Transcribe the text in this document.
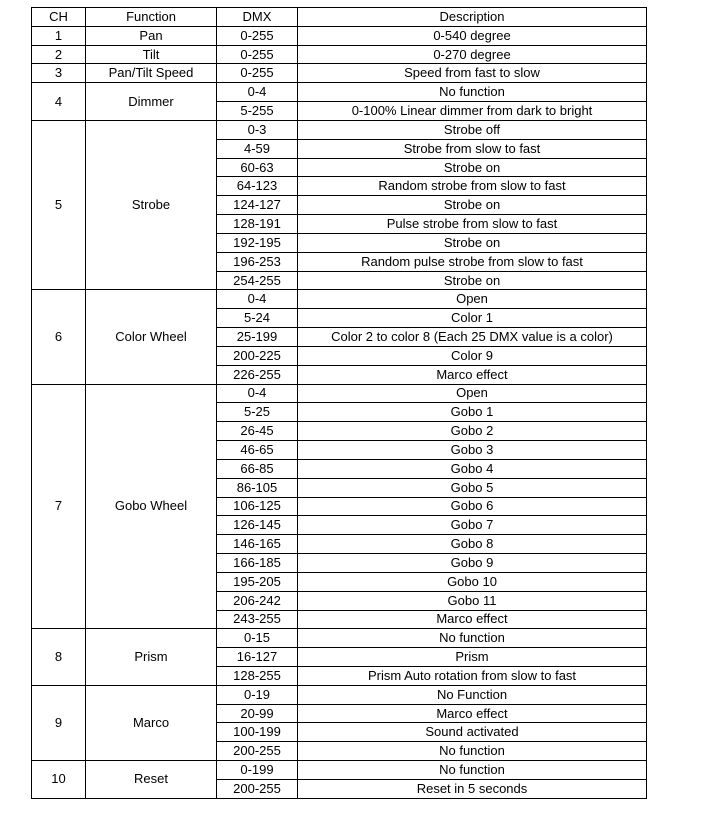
CH	Function	DMX	Description
1	Pan	0-255	0-540 degree
2	Tilt	0-255	0-270 degree
3	Pan/Tilt Speed	0-255	Speed from fast to slow
4	Dimmer	0-4	No function
		5-255	0-100% Linear dimmer from dark to bright
5	Strobe	0-3	Strobe off
		4-59	Strobe from slow to fast
		60-63	Strobe on
		64-123	Random strobe from slow to fast
		124-127	Strobe on
		128-191	Pulse strobe from slow to fast
		192-195	Strobe on
		196-253	Random pulse strobe from slow to fast
		254-255	Strobe on
6	Color Wheel	0-4	Open
		5-24	Color 1
		25-199	Color 2 to color 8 (Each 25 DMX value is a color)
		200-225	Color 9
		226-255	Marco effect
7	Gobo Wheel	0-4	Open
		5-25	Gobo 1
		26-45	Gobo 2
		46-65	Gobo 3
		66-85	Gobo 4
		86-105	Gobo 5
		106-125	Gobo 6
		126-145	Gobo 7
		146-165	Gobo 8
		166-185	Gobo 9
		195-205	Gobo 10
		206-242	Gobo 11
		243-255	Marco effect
8	Prism	0-15	No function
		16-127	Prism
		128-255	Prism Auto rotation from slow to fast
9	Marco	0-19	No Function
		20-99	Marco effect
		100-199	Sound activated
		200-255	No function
10	Reset	0-199	No function
		200-255	Reset in 5 seconds
